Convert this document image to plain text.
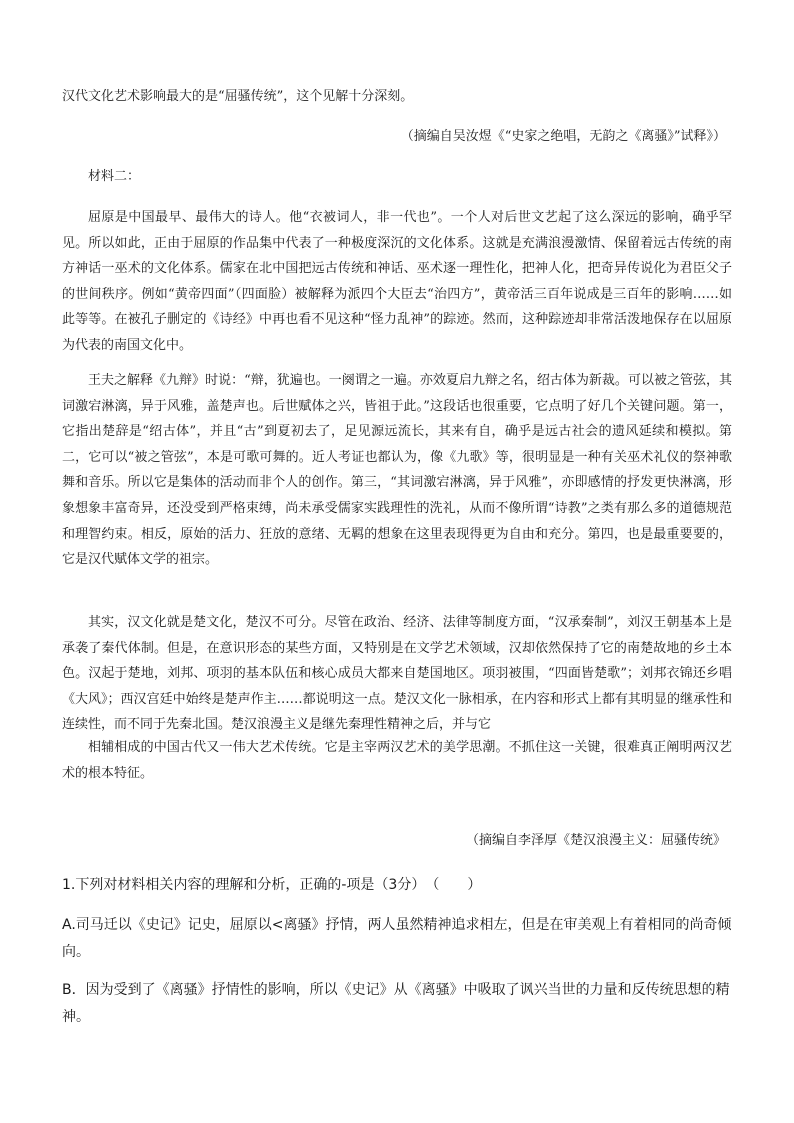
汉代文化艺术影响最大的是“屈骚传统”，这个见解十分深刻。

（摘编自吴汝煜《“史家之绝唱，无韵之《离骚》”试释》）

材料二：

屈原是中国最早、最伟大的诗人。他“衣被词人，非一代也”。一个人对后世文艺起了这么深远的影响，确乎罕见。所以如此，正由于屈原的作品集中代表了一种极度深沉的文化体系。这就是充满浪漫激情、保留着远古传统的南方神话一巫术的文化体系。儒家在北中国把远古传统和神话、巫术逐一理性化，把神人化，把奇异传说化为君臣父子的世间秩序。例如“黄帝四面”（四面脸）被解释为派四个大臣去“治四方”，黄帝活三百年说成是三百年的影响……如此等等。在被孔子删定的《诗经》中再也看不见这种“怪力乱神”的踪迹。然而，这种踪迹却非常活泼地保存在以屈原为代表的南国文化中。

王夫之解释《九辩》时说：“辩，犹遍也。一阕谓之一遍。亦效夏启九辩之名，绍古体为新裁。可以被之管弦，其词激宕淋漓，异于风雅，盖楚声也。后世赋体之兴，皆祖于此。”这段话也很重要，它点明了好几个关键问题。第一，它指出楚辞是“绍古体”，并且“古”到夏初去了，足见源远流长，其来有自，确乎是远古社会的遗风延续和模拟。第二，它可以“被之管弦”，本是可歌可舞的。近人考证也都认为，像《九歌》等，很明显是一种有关巫术礼仪的祭神歌舞和音乐。所以它是集体的活动而非个人的创作。第三，“其词激宕淋漓，异于风雅”，亦即感情的抒发更快淋漓，形象想象丰富奇异，还没受到严格束缚，尚未承受儒家实践理性的洗礼，从而不像所谓“诗教”之类有那么多的道德规范和理智约束。相反，原始的活力、狂放的意绪、无羁的想象在这里表现得更为自由和充分。第四，也是最重要要的，它是汉代赋体文学的祖宗。

其实，汉文化就是楚文化，楚汉不可分。尽管在政治、经济、法律等制度方面，“汉承秦制”，刘汉王朝基本上是承袭了秦代体制。但是，在意识形态的某些方面，又特别是在文学艺术领域，汉却依然保持了它的南楚故地的乡土本色。汉起于楚地，刘邦、项羽的基本队伍和核心成员大都来自楚国地区。项羽被围，“四面皆楚歌”；刘邦衣锦还乡唱《大风》；西汉宫廷中始终是楚声作主……都说明这一点。楚汉文化一脉相承，在内容和形式上都有其明显的继承性和连续性，而不同于先秦北国。楚汉浪漫主义是继先秦理性精神之后，并与它

相辅相成的中国古代又一伟大艺术传统。它是主宰两汉艺术的美学思潮。不抓住这一关键，很难真正阐明两汉艺术的根本特征。

（摘编自李泽厚《楚汉浪漫主义：屈骚传统》

1.下列对材料相关内容的理解和分析，正确的-项是（3分）　（　　）

A.司马迁以《史记》记史，屈原以<离骚》抒情，两人虽然精神追求相左，但是在审美观上有着相同的尚奇倾向。

B．因为受到了《离骚》抒情性的影响，所以《史记》从《离骚》中吸取了讽兴当世的力量和反传统思想的精神。
